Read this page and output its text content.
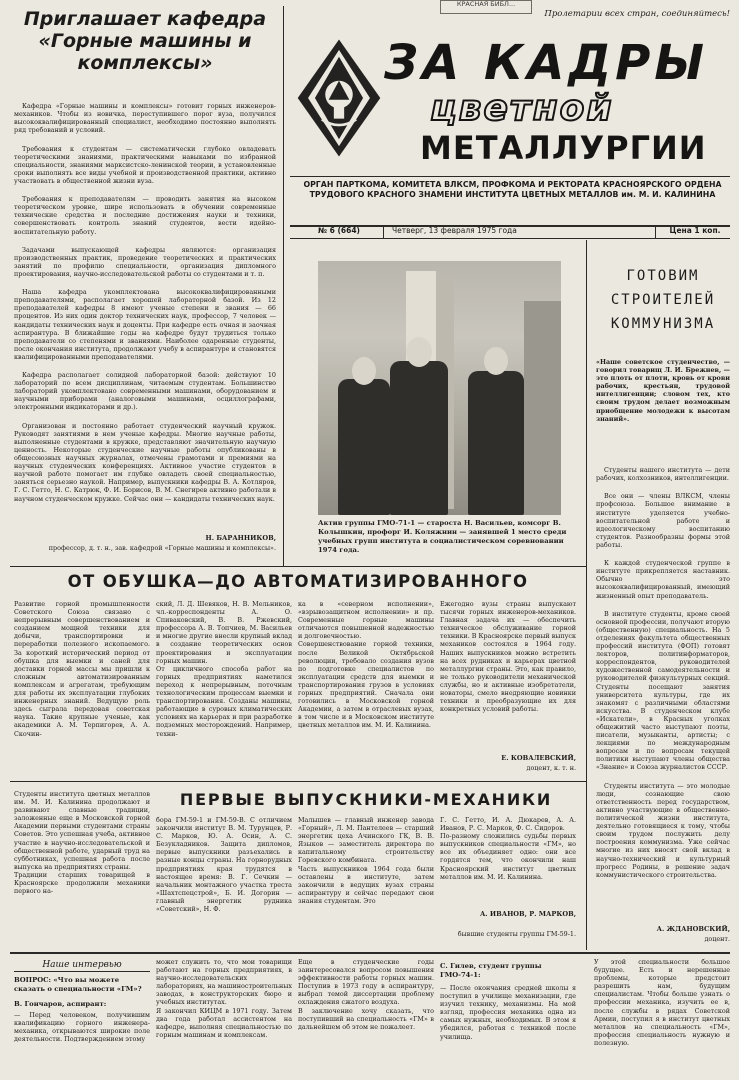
КРАСНАЯ БИБЛ...
Пролетарии всех стран, соединяйтесь!
Приглашает кафедра «Горные машины и комплексы»

Кафедра «Горные машины и комплексы» готовит горных инженеров-механиков. Чтобы из новичка, переступившего порог вуза, получился высококвалифицированный специалист, необходимо постоянно выполнять ряд требований и условий.

Требования к студентам — систематически глубоко овладевать теоретическими знаниями, практическими навыками по избранной специальности, знаниями марксистско-ленинской теории, в установленные сроки выполнять все виды учебной и производственной практики, активно участвовать в общественной жизни вуза.

Требования к преподавателям — проводить занятия на высоком теоретическом уровне, шире использовать в обучении современные технические средства и последние достижения науки и техники, совершенствовать контроль знаний студентов, вести идейно-воспитательную работу.

Задачами выпускающей кафедры являются: организация производственных практик, проведение теоретических и практических занятий по профилю специальности, организация дипломного проектирования, научно-исследовательской работы со студентами и т. п.

Наша кафедра укомплектована высококвалифицированными преподавателями, располагает хорошей лабораторной базой. Из 12 преподавателей кафедры 8 имеют ученые степени и звания — 66 процентов. Из них один доктор технических наук, профессор, 7 человек — кандидаты технических наук и доценты. При кафедре есть очная и заочная аспирантура. В ближайшие годы на кафедре будут трудиться только преподаватели со степенями и званиями. Наиболее одаренные студенты, после окончания института, продолжают учебу в аспирантуре и становятся квалифицированными преподавателями.

Кафедра располагает солидной лабораторной базой: действуют 10 лабораторий по всем дисциплинам, читаемым студентам. Большинство лабораторий укомплектовано современными машинами, оборудованием и научными приборами (аналоговыми машинами, осциллографами, электронными индикаторами и др.).

Организован и постоянно работает студенческий научный кружок. Руководят занятиями в нем ученые кафедры. Многие научные работы, выполненные студентами в кружке, представляют значительную научную ценность. Некоторые студенческие научные работы опубликованы в общесоюзных научных журналах, отмечены грамотами и премиями на научных студенческих конференциях. Активное участие студентов в научной работе помогает им глубже овладеть своей специальностью, заняться серьезно наукой. Например, выпускники кафедры В. А. Котляров, Г. С. Гетто, Н. С. Катрюк, Ф. И. Борисов, В. М. Снегирев активно работали в научном студенческом кружке. Сейчас они — кандидаты технических наук.

Н. БАРАННИКОВ,
профессор, д. т. н., зав. кафедрой «Горные машины и комплексы».
ЗА КАДРЫ
цветной
МЕТАЛЛУРГИИ
ОРГАН ПАРТКОМА, КОМИТЕТА ВЛКСМ, ПРОФКОМА И РЕКТОРАТА КРАСНОЯРСКОГО ОРДЕНА ТРУДОВОГО КРАСНОГО ЗНАМЕНИ ИНСТИТУТА ЦВЕТНЫХ МЕТАЛЛОВ им. М. И. КАЛИНИНА
№ 6 (664)	Четверг, 13 февраля 1975 года	Цена 1 коп.
Актив группы ГМО-71-1 — староста Н. Васильев, комсорг В. Колышкин, профорг И. Коляжнин — занявшей 1 место среди учебных групп института в социалистическом соревновании 1974 года.
ГОТОВИМ
СТРОИТЕЛЕЙ
КОММУНИЗМА
«Наше советское студенчество, — говорил товарищ Л. И. Брежнев, — это плоть от плоти, кровь от крови рабочих, крестьян, трудовой интеллигенции; словом тех, кто своим трудом делает возможным приобщение молодежи к высотам знаний».

Студенты нашего института — дети рабочих, колхозников, интеллигенции.

Все они — члены ВЛКСМ, члены профсоюза. Большое внимание в институте уделяется учебно-воспитательной работе и идеологическому воспитанию студентов. Разнообразны формы этой работы.

К каждой студенческой группе в институте прикрепляется наставник. Обычно это высококвалифицированный, имеющий жизненный опыт преподаватель.

В институте студенты, кроме своей основной профессии, получают вторую (общественную) специальность. На 5 отделениях факультета общественных профессий института (ФОП) готовят лекторов, политинформаторов, корреспондентов, руководителей художественной самодеятельности и руководителей физкультурных секций. Студенты посещают занятия университета культуры, где их знакомят с различными областями искусства. В студенческом клубе «Искатели», в Красных уголках общежитий часто выступают поэты, писатели, музыканты, артисты; с лекциями по международным вопросам и по вопросам текущей политики выступают члены общества «Знание» и Союза журналистов СССР.

Студенты института — это молодые люди, сознающие свою ответственность перед государством, активно участвующие в общественно-политической жизни института, деятельно готовящиеся к тому, чтобы своим трудом послужить делу построения коммунизма. Уже сейчас многие из них вносят свой вклад в научно-технический и культурный прогресс Родины, в решение задач коммунистического строительства.

А. ЖДАНОВСКИЙ,
доцент.
ОТ ОБУШКА—ДО АВТОМАТИЗИРОВАННОГО
Развитие горной промышленности Советского Союза связано с непрерывным совершенствованием и созданием мощной техники для добычи, транспортировки и переработки полезного ископаемого. За короткий исторический период от обушка для выемки и саней для доставки горной массы мы пришли к сложным автоматизированным комплексам и агрегатам, требующим для работы их эксплуатации глубоких инженерных знаний. Ведущую роль здесь сыграла передовая советская наука. Такие крупные ученые, как академики А. М. Терпигорев, А. А. Скочин-
ский, Л. Д. Шевяков, Н. В. Мельников, чл.-корреспонденты А. О. Спиваковский, В. В. Ржевский, профессора А. В. Топчиев, М. Васильев и многие другие внесли крупный вклад в создание теоретических основ проектирования и эксплуатации горных машин.
От цикличного способа работ на горных предприятиях наметился переход к непрерывным, поточным технологическим процессам выемки и транспортирования. Созданы машины, работающие в суровых климатических условиях на карьерах и при разработке подземных месторождений. Например, техни-
ка в «северном исполнении», «взрывозащитном исполнении» и пр. Современные горные машины отличаются повышенной надежностью и долговечностью.
Совершенствование горной техники, после Великой Октябрьской революции, требовало создания вузов по подготовке специалистов по эксплуатации средств для выемки и транспортирования грузов в условиях горных предприятий. Сначала они готовились в Московской горной Академии, а затем в отраслевых вузах, в том числе и в Московском институте цветных металлов им. М. И. Калинина.
Ежегодно вузы страны выпускают тысячи горных инженеров-механиков. Главная задача их — обеспечить техническое обслуживание горной техники. В Красноярске первый выпуск механиков состоялся в 1964 году. Наших выпускников можно встретить на всех рудниках и карьерах цветной металлургии страны. Это, как правило, не только руководители механической службы, но и активные изобретатели, новаторы, смело внедряющие новинки техники и преобразующие их для конкретных условий работы.
Е. КОВАЛЕВСКИЙ,
доцент, к. т. н.
Студенты института цветных металлов им. М. И. Калинина продолжают и развивают славные традиции, заложенные еще в Московской горной Академии первыми студентами страны Советов. Это успешная учеба, активное участие в научно-исследовательской и общественной работе, ударный труд на субботниках, успешная работа после выпуска на предприятиях страны.
Традиции старших товарищей в Красноярске продолжили механики первого на-
ПЕРВЫЕ ВЫПУСКНИКИ-МЕХАНИКИ
бора ГМ-59-1 и ГМ-59-В. С отличием закончили институт В. М. Турунцев, Р. С. Марков, Ю. А. Осин, А. С. Безукладников. Защита дипломов, первые выпускники разъехались в разные концы страны. На горнорудных предприятиях края трудятся в настоящее время: В. Г. Сечкин — начальник монтажного участка треста «Шахтспецстрой», Б. И. Догорин — главный энергетик рудника «Советский», Н. Ф.
Малышев — главный инженер завода «Горный», Л. М. Пантелеев — старший энергетик цеха Ачинского ГК, В. В. Языков — заместитель директора по капитальному строительству Горевского комбината.
Часть выпускников 1964 года были оставлены в институте, затем закончили в ведущих вузах страны аспирантуру и сейчас передают свои знания студентам. Это
Г. С. Гетто, И. А. Дюкарев, А. А. Иванов, Р. С. Марков, Ф. С. Сидоров.
По-разному сложились судьбы первых выпускников специальности «ГМ», но все их объединяет одно: они все гордятся тем, что окончили наш Красноярский институт цветных металлов им. М. И. Калинина.
А. ИВАНОВ, Р. МАРКОВ,
бывшие студенты группы ГМ-59-1.
Наше интервью
ВОПРОС: «Что вы можете сказать о специальности «ГМ»?
В. Гончаров, аспирант:
— Перед человеком, получившим квалификацию горного инженера-механика, открываются широкие поле деятельности. Подтверждением этому
может служить то, что мои товарищи работают на горных предприятиях, в научно-исследовательских лабораториях, на машиностроительных заводах, в конструкторских бюро и учебных институтах.
Я закончил КИЦМ в 1971 году. Затем два года работал ассистентом на кафедре, выполняя специальностью по горным машинам и комплексам.
Еще в студенческие годы заинтересовался вопросом повышения эффективности работы горных машин. Поступив в 1973 году в аспирантуру, выбрал темой диссертации проблему охлаждения сжатого воздуха.
В заключение хочу сказать, что поступивший на специальность «ГМ» в дальнейшем об этом не пожалеет.
С. Гилев, студент группы ГМО-74-1:
— После окончания средней школы я поступил в училище механизации, где изучил технику, механизмы. На мой взгляд, профессия механика одна из самых нужных, необходимых. В этом я убедился, работая с техникой после училища.
У этой специальности большое будущее. Есть и нерешенные проблемы, которые предстоит разрешить нам, будущим специалистам. Чтобы больше узнать о профессии механика, изучить ее в, после службы в рядах Советской Армии, поступил я в институт цветных металлов на специальность «ГМ», профессия специальность нужную и полезную.
